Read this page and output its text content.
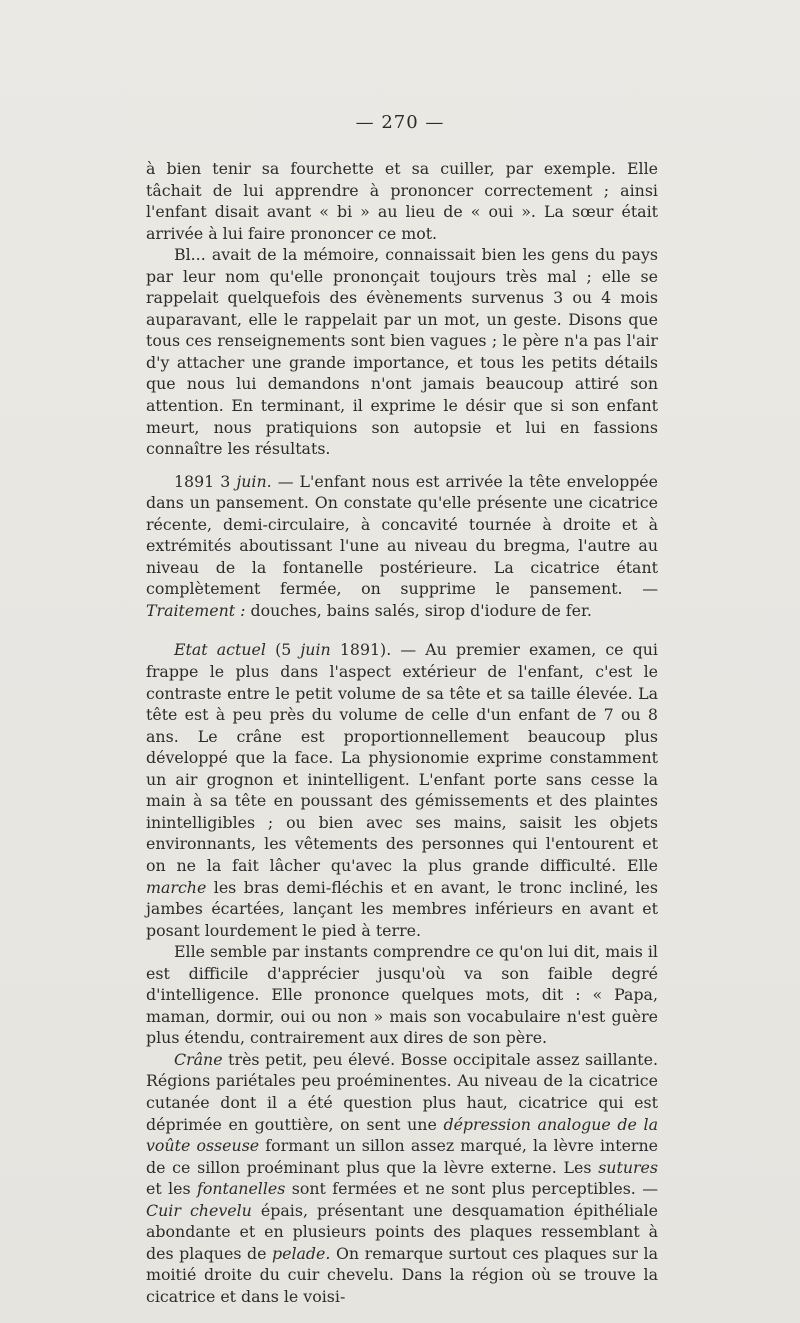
— 270 —

à bien tenir sa fourchette et sa cuiller, par exemple. Elle tâchait de lui apprendre à prononcer correctement ; ainsi l'enfant disait avant « bi » au lieu de « oui ». La sœur était arrivée à lui faire prononcer ce mot.

Bl... avait de la mémoire, connaissait bien les gens du pays par leur nom qu'elle prononçait toujours très mal ; elle se rappelait quelquefois des évènements survenus 3 ou 4 mois auparavant, elle le rappelait par un mot, un geste. Disons que tous ces renseignements sont bien vagues ; le père n'a pas l'air d'y attacher une grande importance, et tous les petits détails que nous lui demandons n'ont jamais beaucoup attiré son attention. En terminant, il exprime le désir que si son enfant meurt, nous pratiquions son autopsie et lui en fassions connaître les résultats.

1891 3 juin. — L'enfant nous est arrivée la tête enveloppée dans un pansement. On constate qu'elle présente une cicatrice récente, demi-circulaire, à concavité tournée à droite et à extrémités aboutissant l'une au niveau du bregma, l'autre au niveau de la fontanelle postérieure. La cicatrice étant complètement fermée, on supprime le pansement. — Traitement : douches, bains salés, sirop d'iodure de fer.

Etat actuel (5 juin 1891). — Au premier examen, ce qui frappe le plus dans l'aspect extérieur de l'enfant, c'est le contraste entre le petit volume de sa tête et sa taille élevée. La tête est à peu près du volume de celle d'un enfant de 7 ou 8 ans. Le crâne est proportionnellement beaucoup plus développé que la face. La physionomie exprime constamment un air grognon et inintelligent. L'enfant porte sans cesse la main à sa tête en poussant des gémissements et des plaintes inintelligibles ; ou bien avec ses mains, saisit les objets environnants, les vêtements des personnes qui l'entourent et on ne la fait lâcher qu'avec la plus grande difficulté. Elle marche les bras demi-fléchis et en avant, le tronc incliné, les jambes écartées, lançant les membres inférieurs en avant et posant lourdement le pied à terre.

Elle semble par instants comprendre ce qu'on lui dit, mais il est difficile d'apprécier jusqu'où va son faible degré d'intelligence. Elle prononce quelques mots, dit : « Papa, maman, dormir, oui ou non » mais son vocabulaire n'est guère plus étendu, contrairement aux dires de son père.

Crâne très petit, peu élevé. Bosse occipitale assez saillante. Régions pariétales peu proéminentes. Au niveau de la cicatrice cutanée dont il a été question plus haut, cicatrice qui est déprimée en gouttière, on sent une dépression analogue de la voûte osseuse formant un sillon assez marqué, la lèvre interne de ce sillon proéminant plus que la lèvre externe. Les sutures et les fontanelles sont fermées et ne sont plus perceptibles. — Cuir chevelu épais, présentant une desquamation épithéliale abondante et en plusieurs points des plaques ressemblant à des plaques de pelade. On remarque surtout ces plaques sur la moitié droite du cuir chevelu. Dans la région où se trouve la cicatrice et dans le voisi-
